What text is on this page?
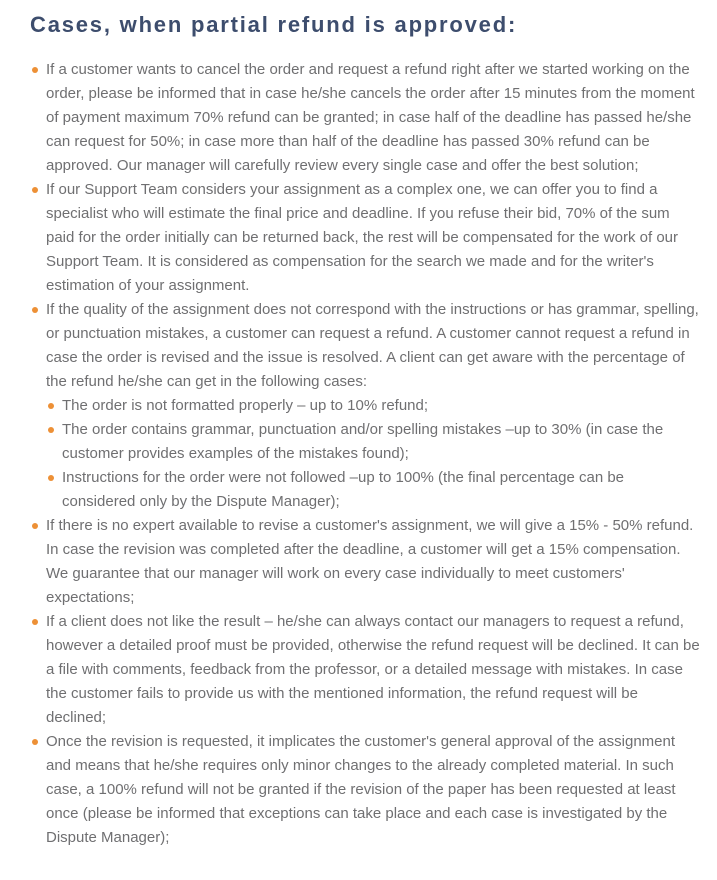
Cases, when partial refund is approved:
If a customer wants to cancel the order and request a refund right after we started working on the order, please be informed that in case he/she cancels the order after 15 minutes from the moment of payment maximum 70% refund can be granted; in case half of the deadline has passed he/she can request for 50%; in case more than half of the deadline has passed 30% refund can be approved. Our manager will carefully review every single case and offer the best solution;
If our Support Team considers your assignment as a complex one, we can offer you to find a specialist who will estimate the final price and deadline. If you refuse their bid, 70% of the sum paid for the order initially can be returned back, the rest will be compensated for the work of our Support Team. It is considered as compensation for the search we made and for the writer's estimation of your assignment.
If the quality of the assignment does not correspond with the instructions or has grammar, spelling, or punctuation mistakes, a customer can request a refund. A customer cannot request a refund in case the order is revised and the issue is resolved. A client can get aware with the percentage of the refund he/she can get in the following cases:
The order is not formatted properly – up to 10% refund;
The order contains grammar, punctuation and/or spelling mistakes –up to 30% (in case the customer provides examples of the mistakes found);
Instructions for the order were not followed –up to 100% (the final percentage can be considered only by the Dispute Manager);
If there is no expert available to revise a customer's assignment, we will give a 15% - 50% refund. In case the revision was completed after the deadline, a customer will get a 15% compensation. We guarantee that our manager will work on every case individually to meet customers' expectations;
If a client does not like the result – he/she can always contact our managers to request a refund, however a detailed proof must be provided, otherwise the refund request will be declined. It can be a file with comments, feedback from the professor, or a detailed message with mistakes. In case the customer fails to provide us with the mentioned information, the refund request will be declined;
Once the revision is requested, it implicates the customer's general approval of the assignment and means that he/she requires only minor changes to the already completed material. In such case, a 100% refund will not be granted if the revision of the paper has been requested at least once (please be informed that exceptions can take place and each case is investigated by the Dispute Manager);
